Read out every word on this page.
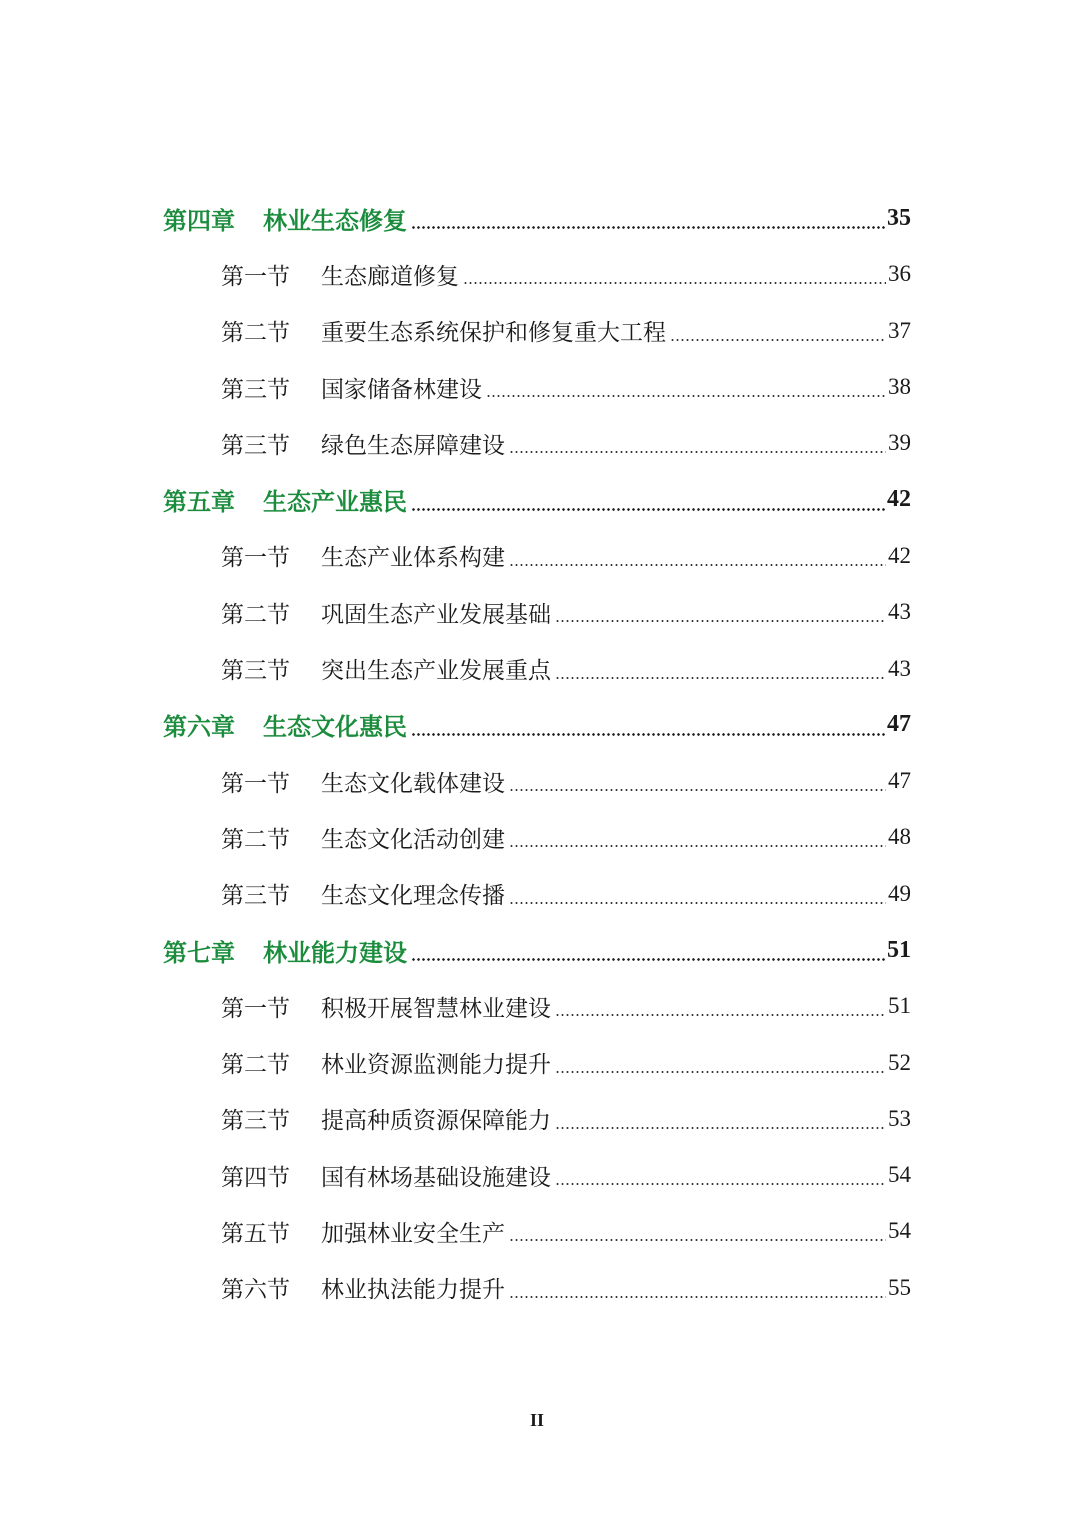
第四章	林业生态修复	35
第一节	生态廊道修复	36
第二节	重要生态系统保护和修复重大工程	37
第三节	国家储备林建设	38
第三节	绿色生态屏障建设	39
第五章	生态产业惠民	42
第一节	生态产业体系构建	42
第二节	巩固生态产业发展基础	43
第三节	突出生态产业发展重点	43
第六章	生态文化惠民	47
第一节	生态文化载体建设	47
第二节	生态文化活动创建	48
第三节	生态文化理念传播	49
第七章	林业能力建设	51
第一节	积极开展智慧林业建设	51
第二节	林业资源监测能力提升	52
第三节	提高种质资源保障能力	53
第四节	国有林场基础设施建设	54
第五节	加强林业安全生产	54
第六节	林业执法能力提升	55
II
